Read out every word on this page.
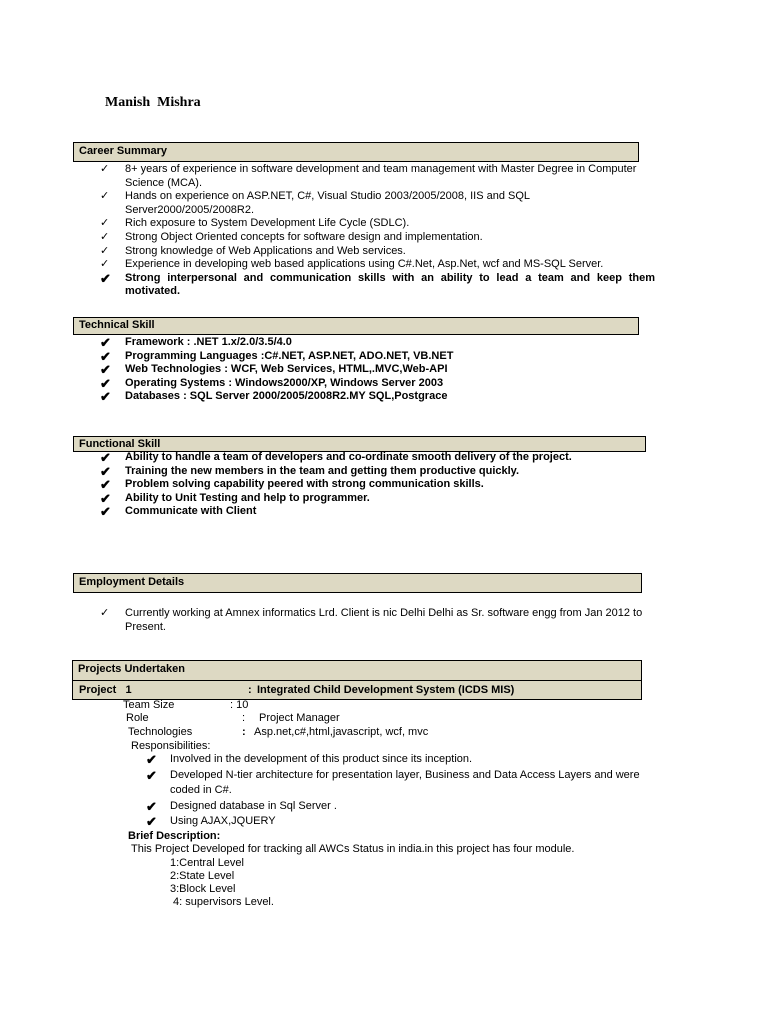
Manish  Mishra
Career Summary
✓ 8+ years of experience in software development and team management with Master Degree in Computer Science (MCA).
✓ Hands on experience on ASP.NET, C#, Visual Studio 2003/2005/2008, IIS and SQL Server2000/2005/2008R2.
✓ Rich exposure to System Development Life Cycle (SDLC).
✓ Strong Object Oriented concepts for software design and implementation.
✓ Strong knowledge of Web Applications and Web services.
✓ Experience in developing web based applications using C#.Net, Asp.Net, wcf and MS-SQL Server.
✔ Strong interpersonal and communication skills with an ability to lead a team and keep them motivated.
Technical Skill
✔ Framework : .NET 1.x/2.0/3.5/4.0
✔ Programming Languages :C#.NET, ASP.NET, ADO.NET, VB.NET
✔ Web Technologies : WCF, Web Services, HTML,.MVC,Web-API
✔ Operating Systems : Windows2000/XP, Windows Server 2003
✔ Databases : SQL Server 2000/2005/2008R2.MY SQL,Postgrace
Functional Skill
✔ Ability to handle a team of developers and co-ordinate smooth delivery of the project.
✔ Training the new members in the team and getting them productive quickly.
✔ Problem solving capability peered with strong communication skills.
✔ Ability to Unit Testing and help to programmer.
✔ Communicate with Client
Employment Details
✓ Currently working at Amnex informatics Lrd. Client is nic Delhi Delhi as Sr. software engg from Jan 2012 to Present.
Projects Undertaken
Project   1	: Integrated Child Development System (ICDS MIS)
Team Size	: 10
Role	: Project Manager
Technologies	: Asp.net,c#,html,javascript, wcf, mvc
Responsibilities:
✔ Involved in the development of this product since its inception.
✔ Developed N-tier architecture for presentation layer, Business and Data Access Layers and were coded in C#.
✔ Designed database in Sql Server .
✔ Using AJAX,JQUERY
Brief Description:
This Project Developed for tracking all AWCs Status in india.in this project has four module.
1:Central Level
2:State Level
3:Block Level
4: supervisors Level.
